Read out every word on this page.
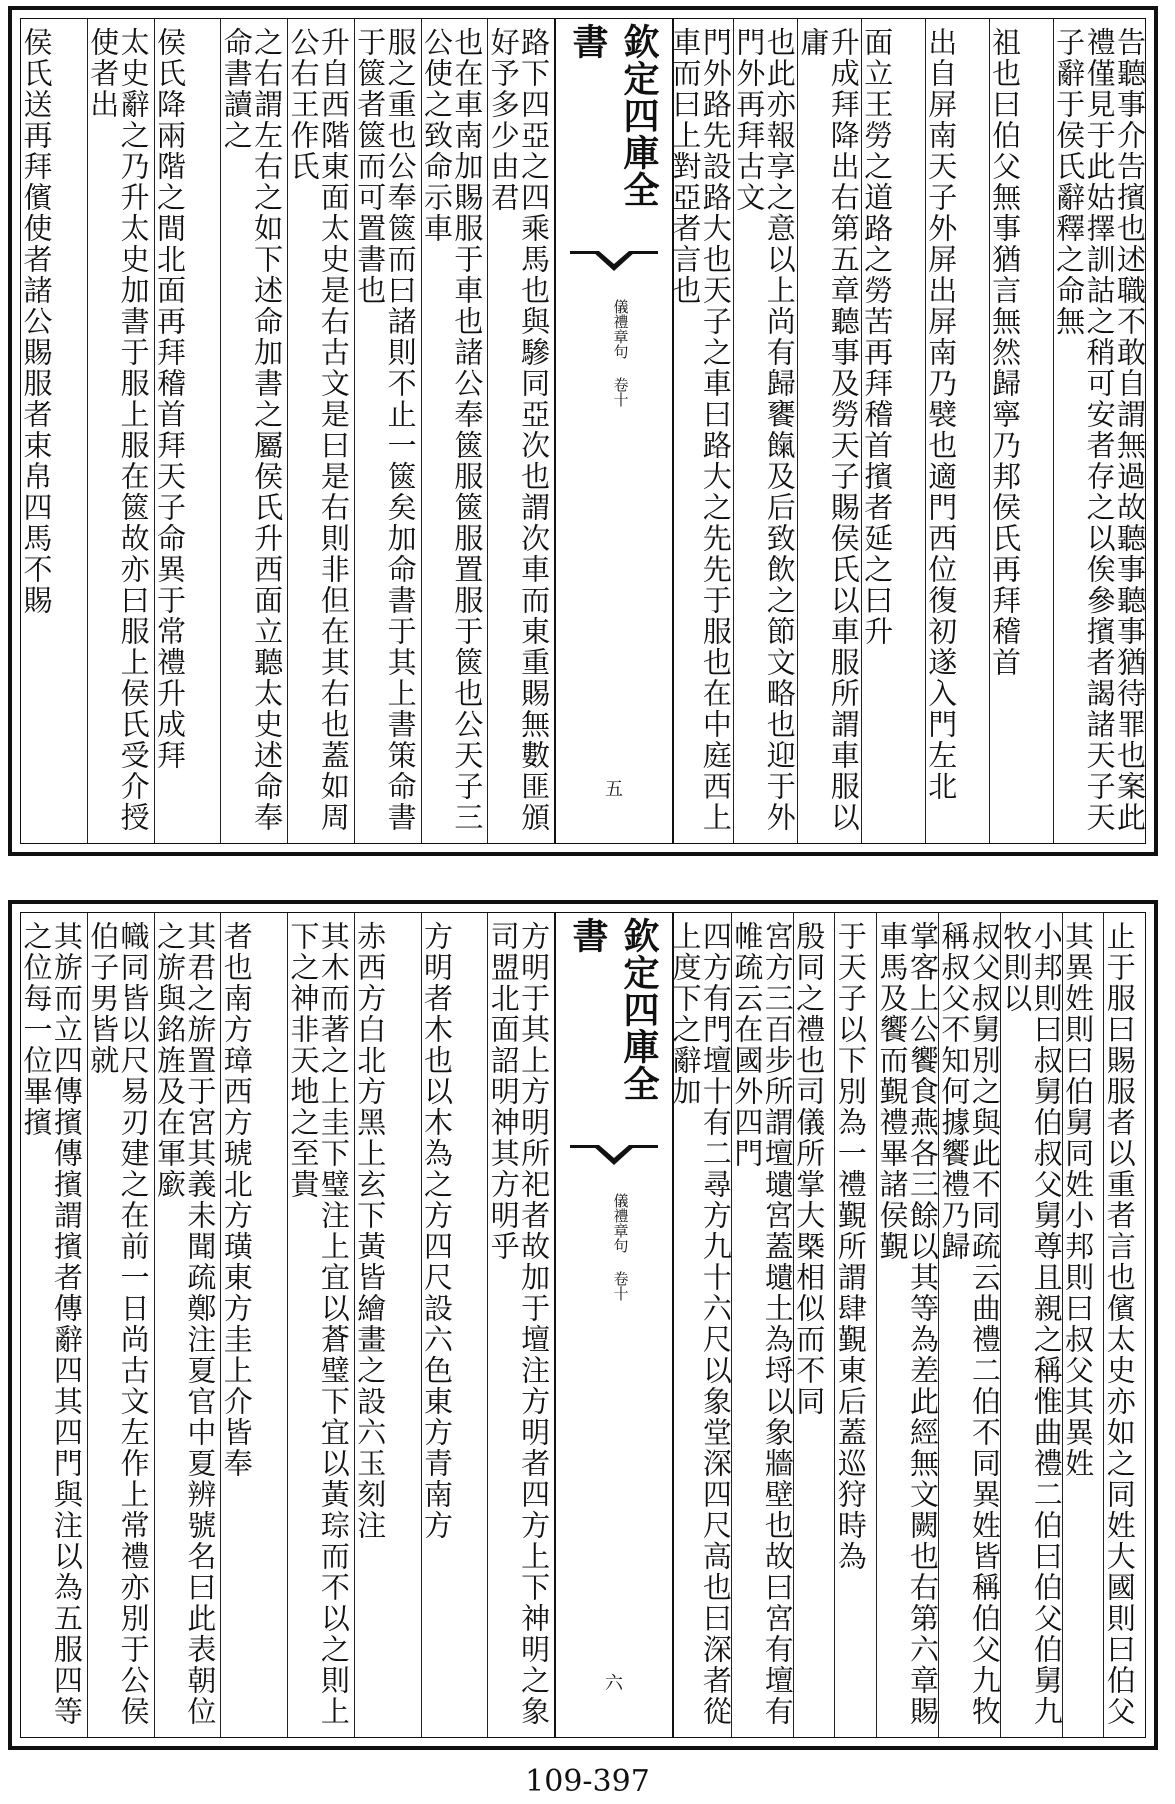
告聽事介告擯也述職不敢自謂無過故聽事聽事猶待罪也案此禮僅見于此姑擇訓詁之稍可安者存之以俟參擯者謁諸天子天子辭于侯氏辭釋之命無
祖也曰伯父無事猶言無然歸寧乃邦侯氏再拜稽首
出自屏南天子外屏出屏南乃襞也適門西位復初遂入門左北
面立王勞之道路之勞苦再拜稽首擯者延之曰升
升成拜降出右第五章聽事及勞天子賜侯氏以車服所謂車服以庸
也此亦報享之意以上尚有歸饔餼及后致飲之節文略也迎于外門外再拜古文
門外路先設路大也天子之車曰路大之先先于服也在中庭西上車而曰上對亞者言也
欽定四庫全書
儀禮章句 卷十
五
路下四亞之四乘馬也與驂同亞次也謂次車而東重賜無數匪頒好予多少由君
也在車南加賜服于車也諸公奉篋服篋服置服于篋也公天子三公使之致命示車
服之重也公奉篋而曰諸則不止一篋矣加命書于其上書策命書于篋者篋而可置書也
升自西階東面太史是右古文是曰是右則非但在其右也蓋如周公右王作氏
之右謂左右之如下述命加書之屬侯氏升西面立聽太史述命奉命書讀之
侯氏降兩階之間北面再拜稽首拜天子命異于常禮升成拜
太史辭之乃升太史加書于服上服在篋故亦曰服上侯氏受介授使者出
侯氏送再拜儐使者諸公賜服者束帛四馬不賜
止于服曰賜服者以重者言也儐太史亦如之同姓大國則曰伯父
其異姓則曰伯舅同姓小邦則曰叔父其異姓
小邦則曰叔舅伯叔父舅尊且親之稱惟曲禮二伯曰伯父伯舅九牧則以
叔父叔舅別之與此不同疏云曲禮二伯不同異姓皆稱伯父九牧稱叔父不知何據饗禮乃歸
掌客上公饗食燕各三餘以其等為差此經無文闕也右第六章賜車馬及饗而覲禮畢諸侯覲
于天子以下別為一禮覲所謂肆覲東后蓋巡狩時為
殷同之禮也司儀所掌大槩相似而不同
宮方三百步所謂壇壝宮蓋壝土為埒以象牆壁也故曰宮有壇有帷疏云在國外四門
四方有門壇十有二尋方九十六尺以象堂深四尺高也曰深者從上度下之辭加
欽定四庫全書
儀禮章句 卷十
六
方明于其上方明所祀者故加于壇注方明者四方上下神明之象司盟北面詔明神其方明乎
方明者木也以木為之方四尺設六色東方青南方
赤西方白北方黑上玄下黃皆繪畫之設六玉刻注
其木而著之上圭下璧注上宜以蒼璧下宜以黃琮而不以之則上下之神非天地之至貴
者也南方璋西方琥北方璜東方圭上介皆奉
其君之旂置于宮其義未聞疏鄭注夏官中夏辨號名曰此表朝位之旂與銘旌及在軍廞
幟同皆以尺易刃建之在前一日尚古文左作上常禮亦別于公侯伯子男皆就
其旂而立四傳擯傳擯謂擯者傳辭四其四門與注以為五服四等之位每一位畢擯
109-397
